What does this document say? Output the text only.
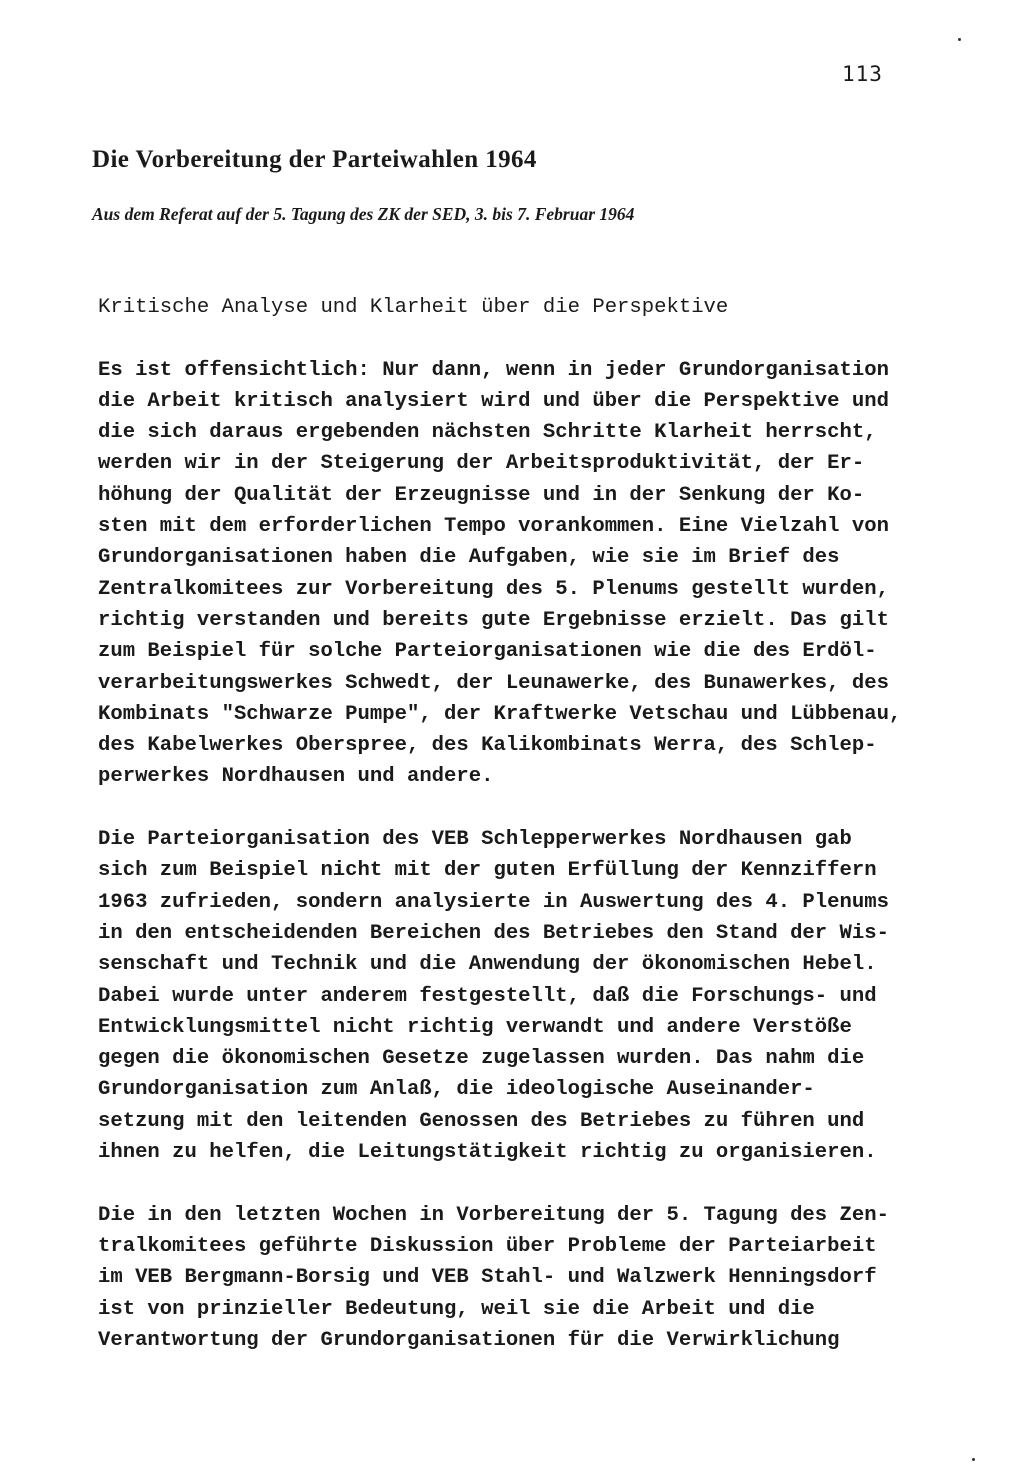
113
Die Vorbereitung der Parteiwahlen 1964

Aus dem Referat auf der 5. Tagung des ZK der SED, 3. bis 7. Februar 1964

Kritische Analyse und Klarheit über die Perspektive
Es ist offensichtlich: Nur dann, wenn in jeder Grundorganisation
die Arbeit kritisch analysiert wird und über die Perspektive und
die sich daraus ergebenden nächsten Schritte Klarheit herrscht,
werden wir in der Steigerung der Arbeitsproduktivität, der Er-
höhung der Qualität der Erzeugnisse und in der Senkung der Ko-
sten mit dem erforderlichen Tempo vorankommen. Eine Vielzahl von
Grundorganisationen haben die Aufgaben, wie sie im Brief des
Zentralkomitees zur Vorbereitung des 5. Plenums gestellt wurden,
richtig verstanden und bereits gute Ergebnisse erzielt. Das gilt
zum Beispiel für solche Parteiorganisationen wie die des Erdöl-
verarbeitungswerkes Schwedt, der Leunawerke, des Bunawerkes, des
Kombinats "Schwarze Pumpe", der Kraftwerke Vetschau und Lübbenau,
des Kabelwerkes Oberspree, des Kalikombinats Werra, des Schlep-
perwerkes Nordhausen und andere.
Die Parteiorganisation des VEB Schlepperwerkes Nordhausen gab
sich zum Beispiel nicht mit der guten Erfüllung der Kennziffern
1963 zufrieden, sondern analysierte in Auswertung des 4. Plenums
in den entscheidenden Bereichen des Betriebes den Stand der Wis-
senschaft und Technik und die Anwendung der ökonomischen Hebel.
Dabei wurde unter anderem festgestellt, daß die Forschungs- und
Entwicklungsmittel nicht richtig verwandt und andere Verstöße
gegen die ökonomischen Gesetze zugelassen wurden. Das nahm die
Grundorganisation zum Anlaß, die ideologische Auseinander-
setzung mit den leitenden Genossen des Betriebes zu führen und
ihnen zu helfen, die Leitungstätigkeit richtig zu organisieren.
Die in den letzten Wochen in Vorbereitung der 5. Tagung des Zen-
tralkomitees geführte Diskussion über Probleme der Parteiarbeit
im VEB Bergmann-Borsig und VEB Stahl- und Walzwerk Henningsdorf
ist von prinzieller Bedeutung, weil sie die Arbeit und die
Verantwortung der Grundorganisationen für die Verwirklichung
